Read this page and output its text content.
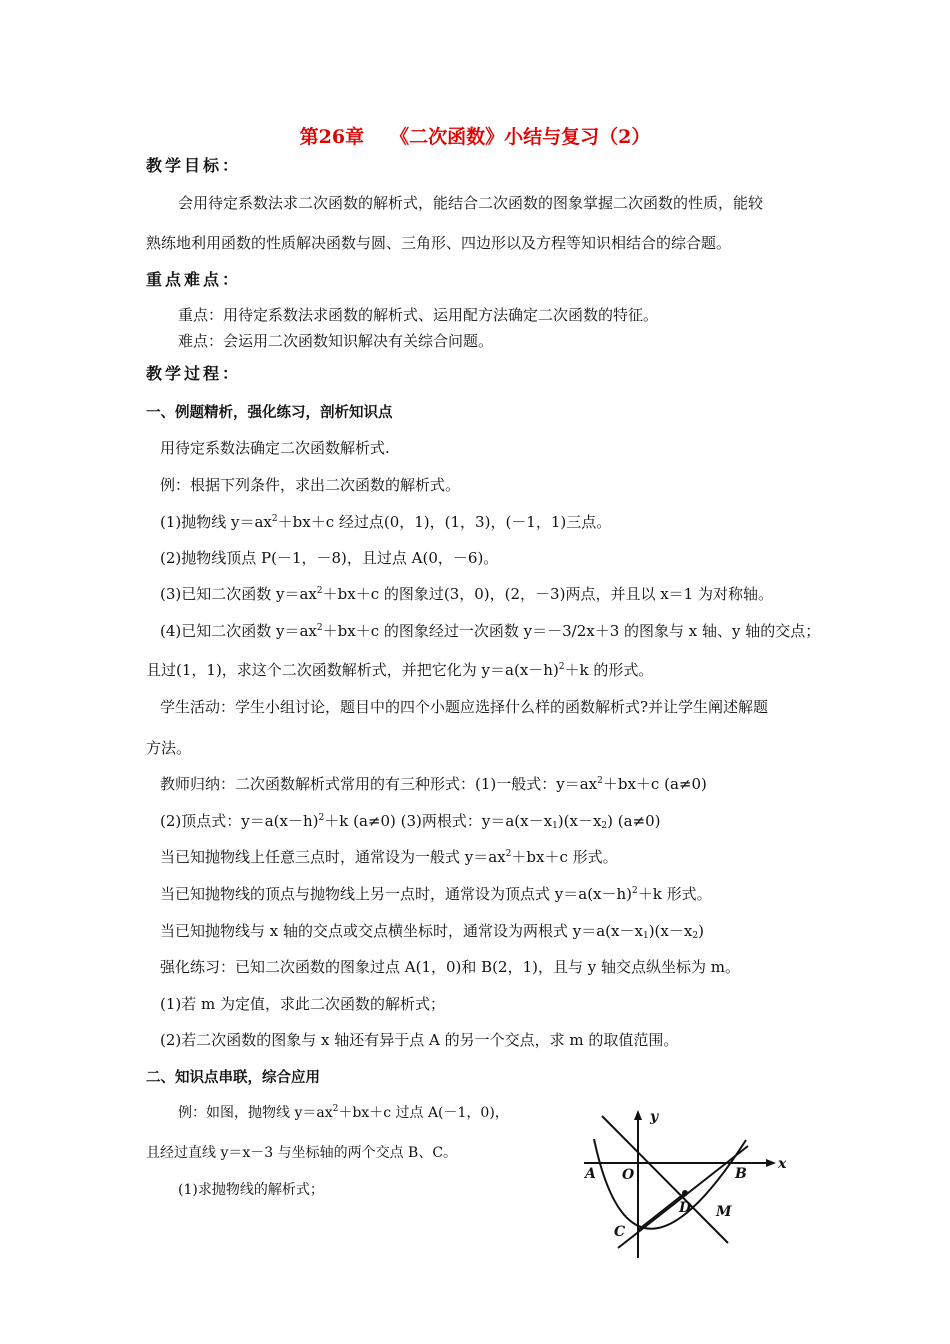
第26章 《二次函数》小结与复习（2）
教学目标：
会用待定系数法求二次函数的解析式，能结合二次函数的图象掌握二次函数的性质，能较
熟练地利用函数的性质解决函数与圆、三角形、四边形以及方程等知识相结合的综合题。
重点难点：
重点：用待定系数法求函数的解析式、运用配方法确定二次函数的特征。
难点：会运用二次函数知识解决有关综合问题。
教学过程：
一、例题精析，强化练习，剖析知识点
用待定系数法确定二次函数解析式.
例：根据下列条件，求出二次函数的解析式。
(1)抛物线 $y=ax^2+bx+c$ 经过点(0，1)，(1，3)，(－1，1)三点。
(2)抛物线顶点 P(－1，－8)，且过点 A(0，－6)。
(3)已知二次函数 $y=ax^2+bx+c$ 的图象过(3，0)，(2，－3)两点，并且以 x＝1 为对称轴。
(4)已知二次函数 $y=ax^2+bx+c$ 的图象经过一次函数 y＝－3/2x＋3 的图象与 x 轴、y 轴的交点；
且过(1，1)，求这个二次函数解析式，并把它化为 $y=a(x-h)^2+k$ 的形式。
学生活动：学生小组讨论，题目中的四个小题应选择什么样的函数解析式?并让学生阐述解题
方法。
教师归纳：二次函数解析式常用的有三种形式：(1)一般式：$y=ax^2+bx+c$ (a≠0)
(2)顶点式：$y=a(x-h)^2+k$ (a≠0) (3)两根式：$y=a(x-x_1)(x-x_2)$ (a≠0)
当已知抛物线上任意三点时，通常设为一般式 $y=ax^2+bx+c$ 形式。
当已知抛物线的顶点与抛物线上另一点时，通常设为顶点式 $y=a(x-h)^2+k$ 形式。
当已知抛物线与 x 轴的交点或交点横坐标时，通常设为两根式 $y=a(x-x_1)(x-x_2)$
强化练习：已知二次函数的图象过点 A(1，0)和 B(2，1)，且与 y 轴交点纵坐标为 m。
(1)若 m 为定值，求此二次函数的解析式；
(2)若二次函数的图象与 x 轴还有异于点 A 的另一个交点，求 m 的取值范围。
二、知识点串联，综合应用
例：如图，抛物线 $y=ax^2+bx+c$ 过点 A(－1，0)，
且经过直线 y＝x－3 与坐标轴的两个交点 B、C。
(1)求抛物线的解析式；
y
x
A O	B
C
D M
